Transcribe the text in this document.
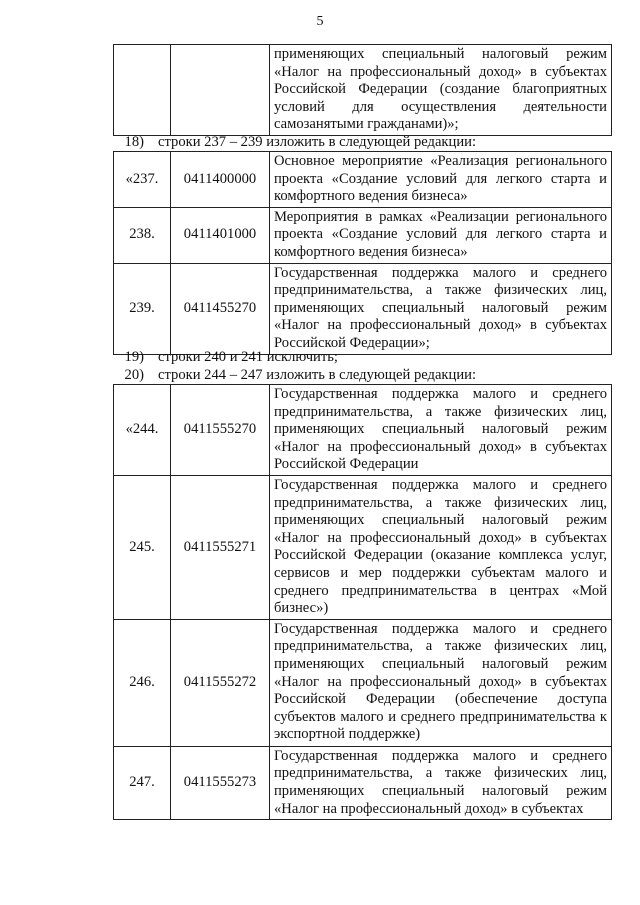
5
		применяющих специальный налоговый режим «Налог на профессиональный доход» в субъектах Российской Федерации (создание благоприятных условий для осуществления деятельности самозанятыми гражданами)»;
18) строки 237 – 239 изложить в следующей редакции:
«237.	0411400000	Основное мероприятие «Реализация регионального проекта «Создание условий для легкого старта и комфортного ведения бизнеса»
238.	0411401000	Мероприятия в рамках «Реализации регионального проекта «Создание условий для легкого старта и комфортного ведения бизнеса»
239.	0411455270	Государственная поддержка малого и среднего предпринимательства, а также физических лиц, применяющих специальный налоговый режим «Налог на профессиональный доход» в субъектах Российской Федерации»;
19) строки 240 и 241 исключить;
20) строки 244 – 247 изложить в следующей редакции:
«244.	0411555270	Государственная поддержка малого и среднего предпринимательства, а также физических лиц, применяющих специальный налоговый режим «Налог на профессиональный доход» в субъектах Российской Федерации
245.	0411555271	Государственная поддержка малого и среднего предпринимательства, а также физических лиц, применяющих специальный налоговый режим «Налог на профессиональный доход» в субъектах Российской Федерации (оказание комплекса услуг, сервисов и мер поддержки субъектам малого и среднего предпринимательства в центрах «Мой бизнес»)
246.	0411555272	Государственная поддержка малого и среднего предпринимательства, а также физических лиц, применяющих специальный налоговый режим «Налог на профессиональный доход» в субъектах Российской Федерации (обеспечение доступа субъектов малого и среднего предпринимательства к экспортной поддержке)
247.	0411555273	Государственная поддержка малого и среднего предпринимательства, а также физических лиц, применяющих специальный налоговый режим «Налог на профессиональный доход» в субъектах
